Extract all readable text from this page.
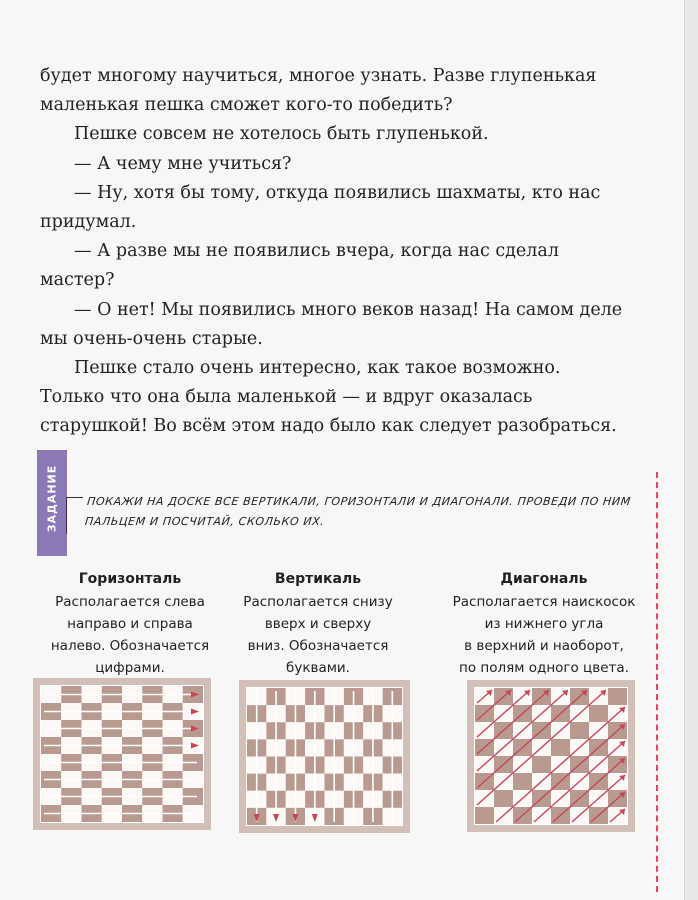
будет многому научиться, многое узнать. Разве глупенькая маленькая пешка сможет кого-то победить?

Пешке совсем не хотелось быть глупенькой.

— А чему мне учиться?

— Ну, хотя бы тому, откуда появились шахматы, кто нас придумал.

— А разве мы не появились вчера, когда нас сделал мастер?

— О нет! Мы появились много веков назад! На самом деле мы очень-очень старые.

Пешке стало очень интересно, как такое возможно. Только что она была маленькой — и вдруг оказалась старушкой! Во всём этом надо было как следует разобраться.

ЗАДАНИЕ	ПОКАЖИ НА ДОСКЕ ВСЕ ВЕРТИКАЛИ, ГОРИЗОНТАЛИ И ДИАГОНАЛИ. ПРОВЕДИ ПО НИМ ПАЛЬЦЕМ И ПОСЧИТАЙ, СКОЛЬКО ИХ.
Горизонталь
Располагается слева
направо и справа
налево. Обозначается
цифрами.
Вертикаль
Располагается снизу
вверх и сверху
вниз. Обозначается
буквами.
Диагональ
Располагается наискосок
из нижнего угла
в верхний и наоборот,
по полям одного цвета.
